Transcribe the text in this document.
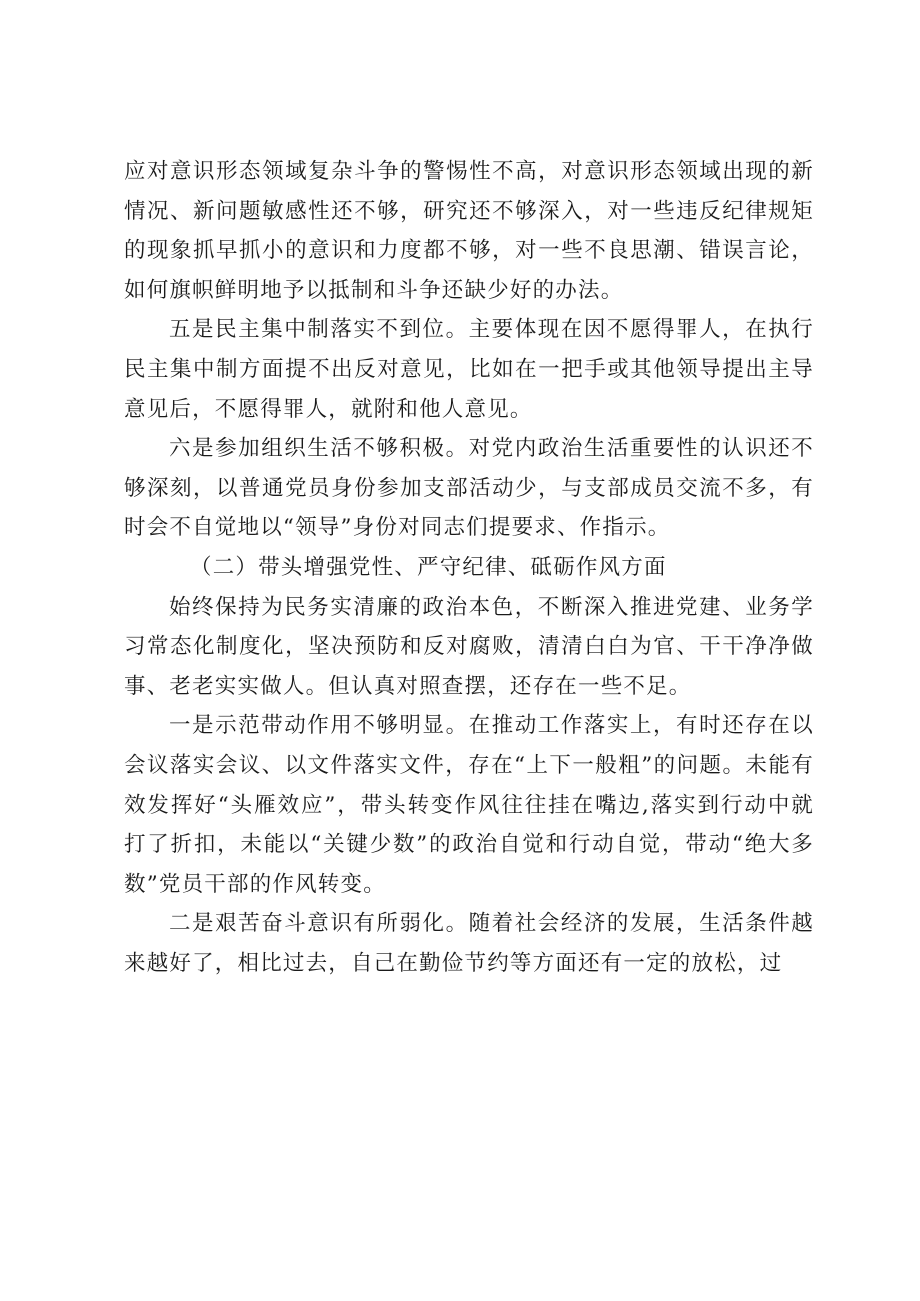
应对意识形态领域复杂斗争的警惕性不高，对意识形态领域出现的新情况、新问题敏感性还不够，研究还不够深入，对一些违反纪律规矩的现象抓早抓小的意识和力度都不够，对一些不良思潮、错误言论，如何旗帜鲜明地予以抵制和斗争还缺少好的办法。

五是民主集中制落实不到位。主要体现在因不愿得罪人，在执行民主集中制方面提不出反对意见，比如在一把手或其他领导提出主导意见后，不愿得罪人，就附和他人意见。

六是参加组织生活不够积极。对党内政治生活重要性的认识还不够深刻，以普通党员身份参加支部活动少，与支部成员交流不多，有时会不自觉地以“领导”身份对同志们提要求、作指示。

（二）带头增强党性、严守纪律、砥砺作风方面

始终保持为民务实清廉的政治本色，不断深入推进党建、业务学习常态化制度化，坚决预防和反对腐败，清清白白为官、干干净净做事、老老实实做人。但认真对照查摆，还存在一些不足。

一是示范带动作用不够明显。在推动工作落实上，有时还存在以会议落实会议、以文件落实文件，存在“上下一般粗”的问题。未能有效发挥好“头雁效应”，带头转变作风往往挂在嘴边,落实到行动中就打了折扣，未能以“关键少数”的政治自觉和行动自觉，带动“绝大多数”党员干部的作风转变。

二是艰苦奋斗意识有所弱化。随着社会经济的发展，生活条件越来越好了，相比过去，自己在勤俭节约等方面还有一定的放松，过
